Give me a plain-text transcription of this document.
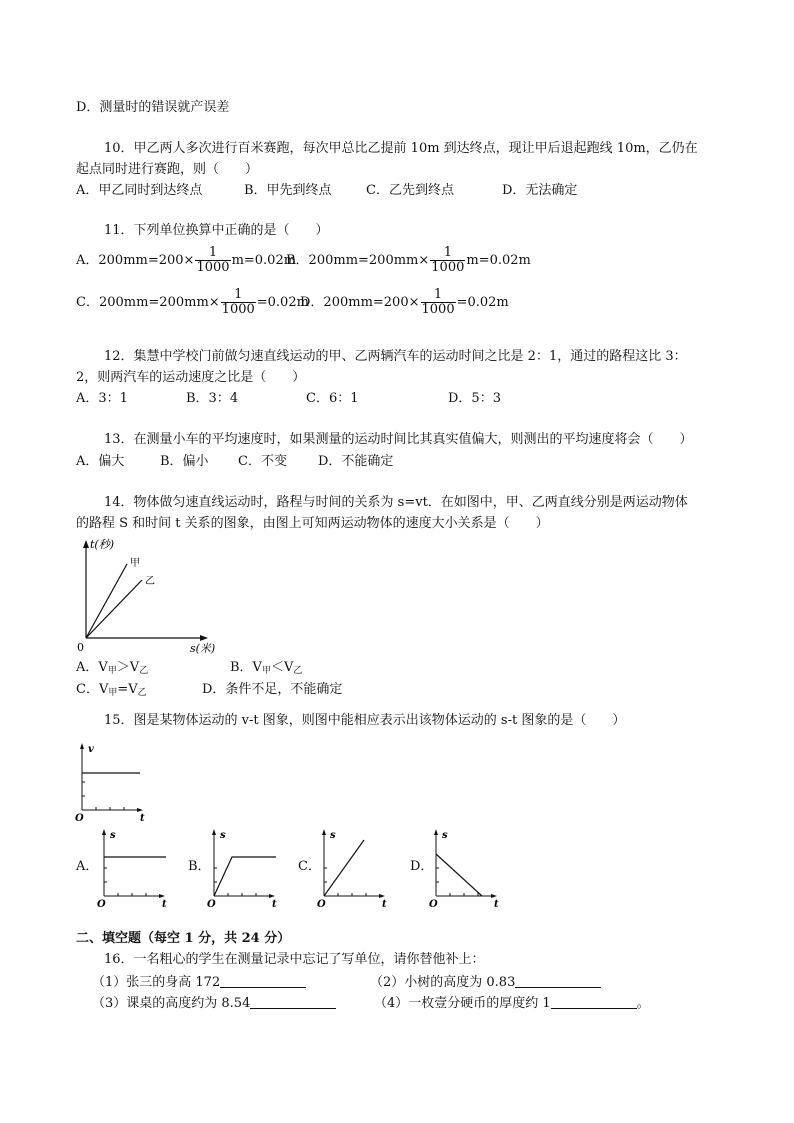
D．测量时的错误就产误差
10．甲乙两人多次进行百米赛跑，每次甲总比乙提前 10m 到达终点，现让甲后退起跑线 10m，乙仍在
起点同时进行赛跑，则（　　）
A．甲乙同时到达终点	B．甲先到终点	C．乙先到终点	D．无法确定
11．下列单位换算中正确的是（　　）
A．$200mm=200\times \frac{1}{1000} m=0.02m$
B．$200mm=200mm\times \frac{1}{1000} m=0.02m$
C．$200mm=200mm\times \frac{1}{1000} =0.02m$
D．$200mm=200\times \frac{1}{1000} =0.02m$
12．集慧中学校门前做匀速直线运动的甲、乙两辆汽车的运动时间之比是 2：1，通过的路程这比 3：
2，则两汽车的运动速度之比是（　　）
A．3：1	B．3：4	C．6：1	D．5：3
13．在测量小车的平均速度时，如果测量的运动时间比其真实值偏大，则测出的平均速度将会（　　）
A．偏大	B．偏小 C．不变 D．不能确定
14．物体做匀速直线运动时，路程与时间的关系为 s=vt．在如图中，甲、乙两直线分别是两运动物体
的路程 S 和时间 t 关系的图象，由图上可知两运动物体的速度大小关系是（　　）
t(秒)
s(米)
0
甲
乙
A．$V_甲>V_乙$	B．$V_甲<V_乙$
C．$V_甲=V_乙$	D．条件不足，不能确定
15．图是某物体运动的 v-t 图象，则图中能相应表示出该物体运动的 s-t 图象的是（　　）
v
O	t
A．
s
O	t
B．
s
O	t
C．
s
O	t
D．
s
O	t
二、填空题（每空 1 分，共 24 分）
16．一名粗心的学生在测量记录中忘记了写单位，请你替他补上：
（1）张三的身高 172	（2）小树的高度为 0.83
（3）课桌的高度约为 8.54	（4）一枚壹分硬币的厚度约 1	。
